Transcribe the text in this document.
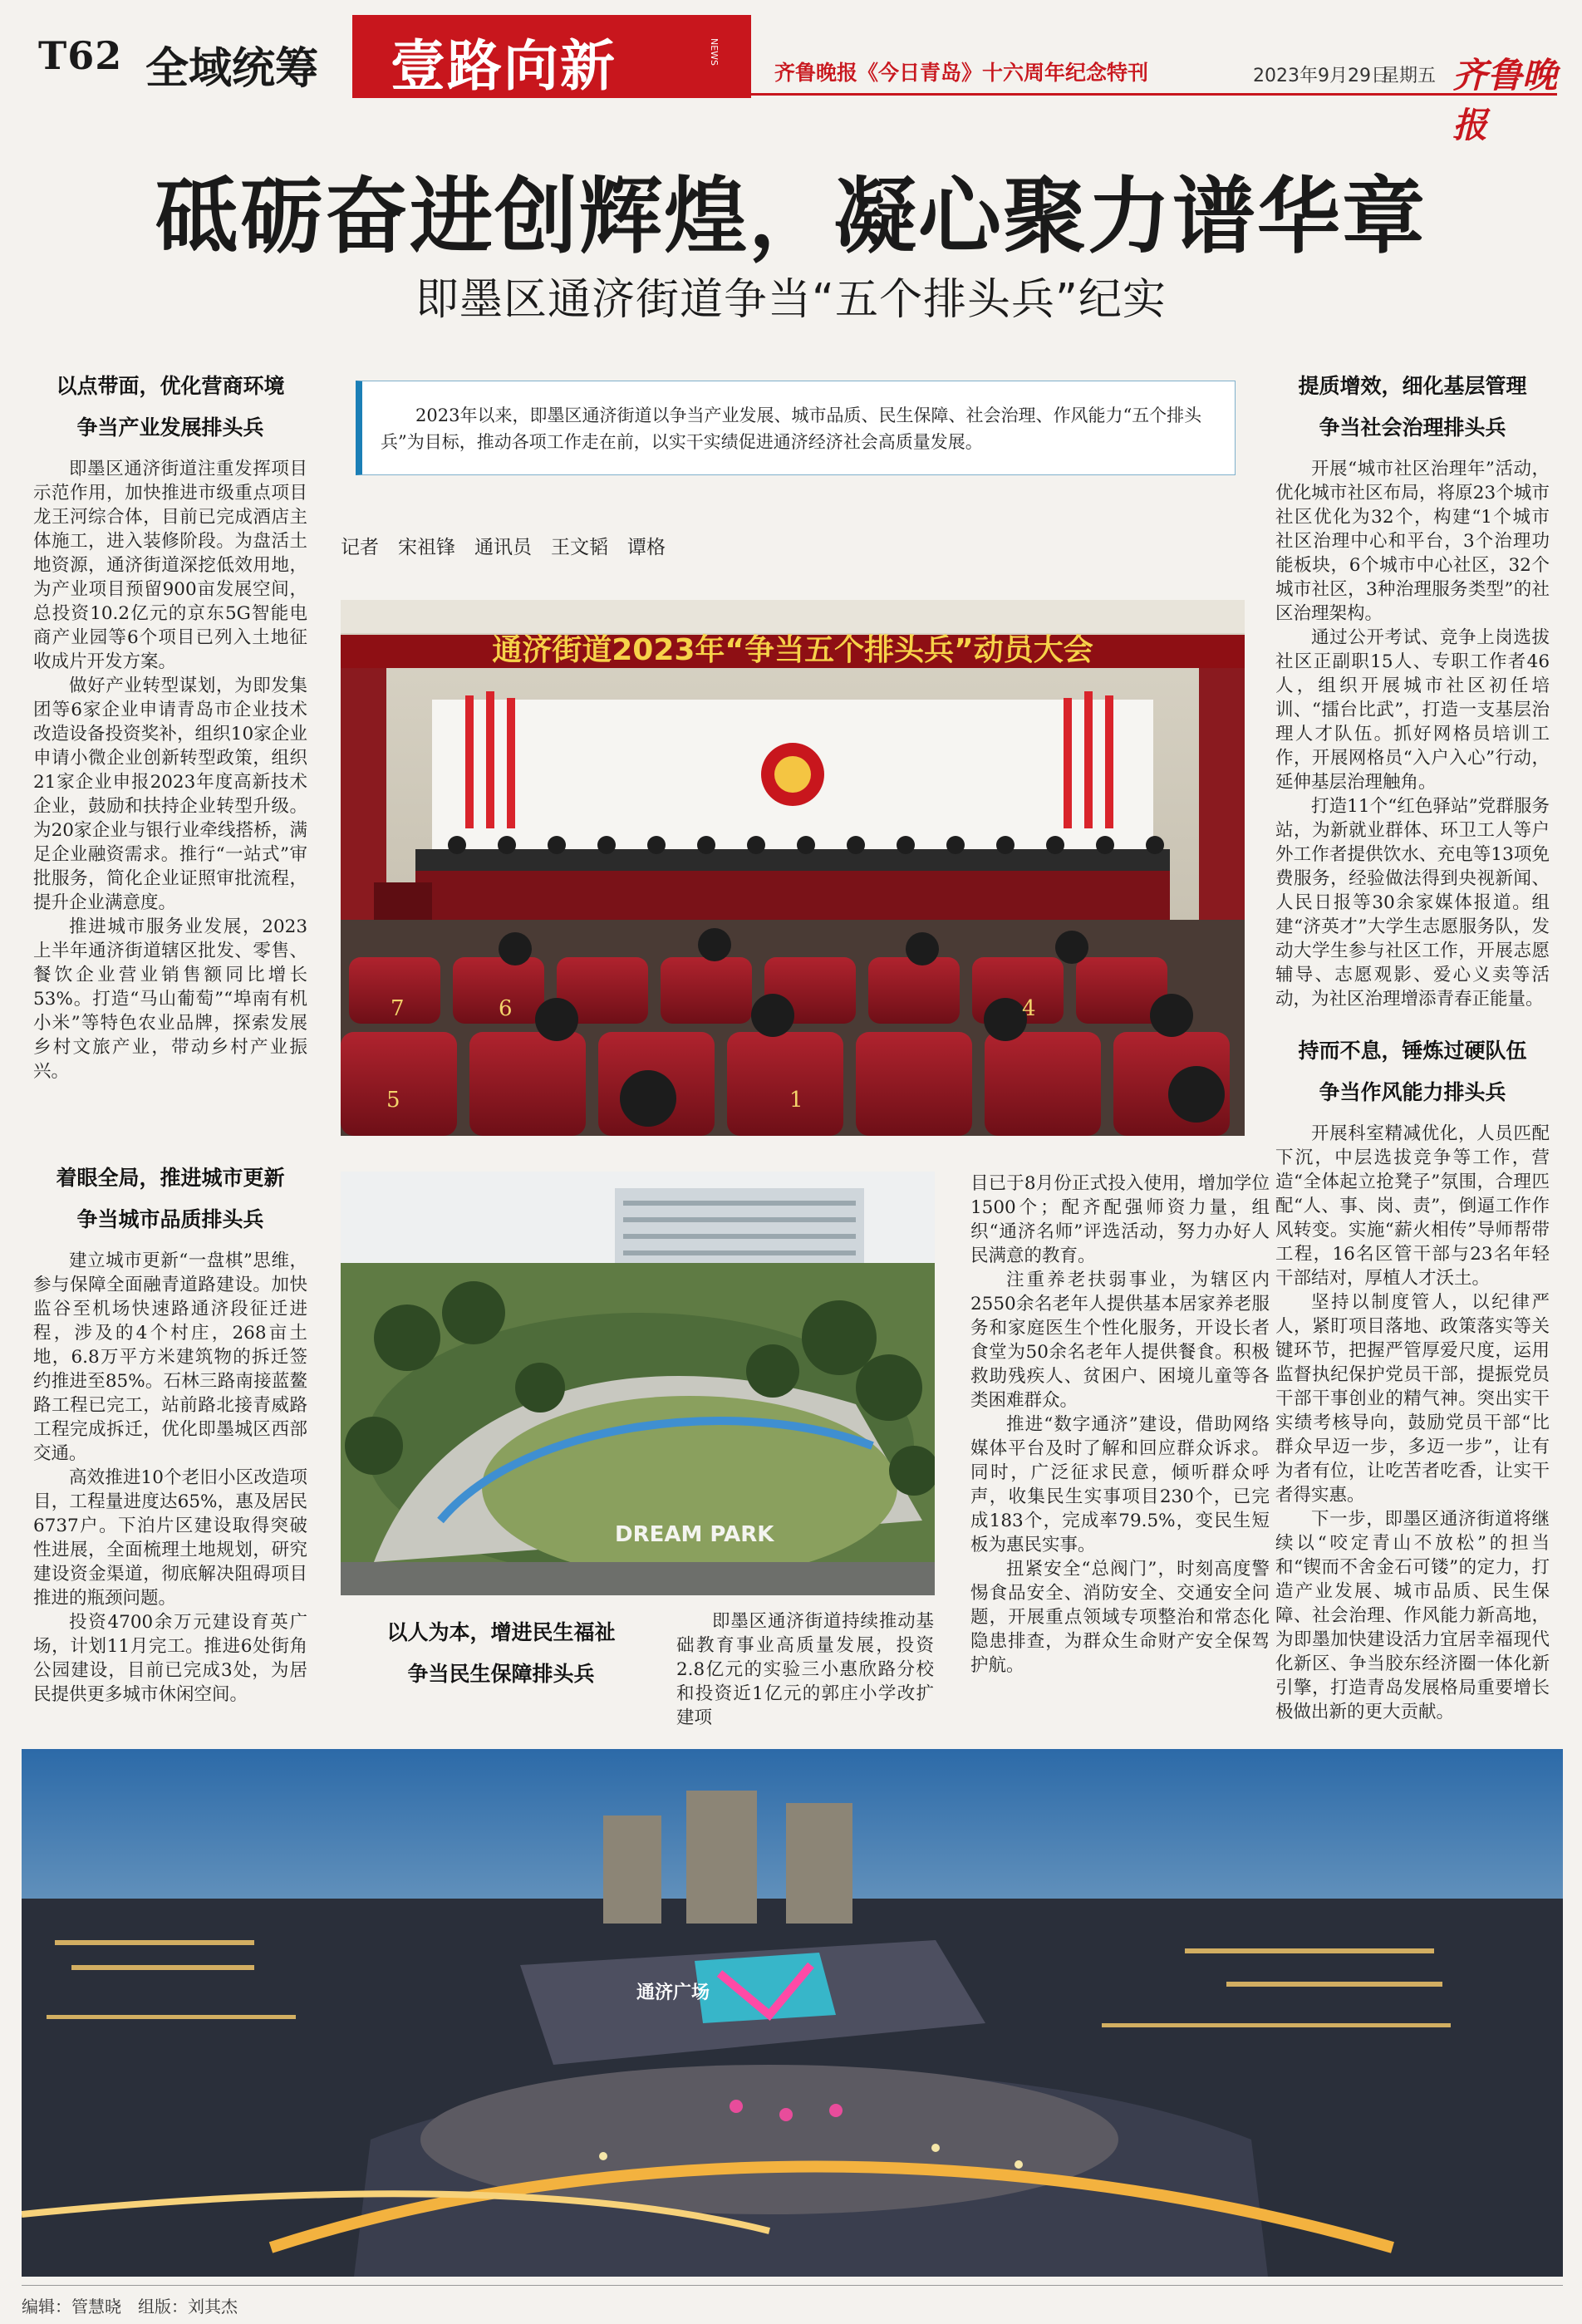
T62 全域统筹 壹路向新	NEWS
齐鲁晚报《今日青岛》十六周年纪念特刊	2023年9月29日
星期五 齐鲁晚报
砥砺奋进创辉煌，凝心聚力谱华章
即墨区通济街道争当“五个排头兵”纪实
以点带面，优化营商环境
争当产业发展排头兵

即墨区通济街道注重发挥项目示范作用，加快推进市级重点项目龙王河综合体，目前已完成酒店主体施工，进入装修阶段。为盘活土地资源，通济街道深挖低效用地，为产业项目预留900亩发展空间，总投资10.2亿元的京东5G智能电商产业园等6个项目已列入土地征收成片开发方案。

做好产业转型谋划，为即发集团等6家企业申请青岛市企业技术改造设备投资奖补，组织10家企业申请小微企业创新转型政策，组织21家企业申报2023年度高新技术企业，鼓励和扶持企业转型升级。为20家企业与银行业牵线搭桥，满足企业融资需求。推行“一站式”审批服务，简化企业证照审批流程，提升企业满意度。

推进城市服务业发展，2023上半年通济街道辖区批发、零售、餐饮企业营业销售额同比增长53%。打造“马山葡萄”“埠南有机小米”等特色农业品牌，探索发展乡村文旅产业，带动乡村产业振兴。

着眼全局，推进城市更新
争当城市品质排头兵

建立城市更新“一盘棋”思维，参与保障全面融青道路建设。加快监谷至机场快速路通济段征迁进程，涉及的4个村庄，268亩土地，6.8万平方米建筑物的拆迁签约推进至85%。石林三路南接蓝鳌路工程已完工，站前路北接青威路工程完成拆迁，优化即墨城区西部交通。

高效推进10个老旧小区改造项目，工程量进度达65%，惠及居民6737户。下泊片区建设取得突破性进展，全面梳理土地规划，研究建设资金渠道，彻底解决阻碍项目推进的瓶颈问题。

投资4700余万元建设育英广场，计划11月完工。推进6处街角公园建设，目前已完成3处，为居民提供更多城市休闲空间。

2023年以来，即墨区通济街道以争当产业发展、城市品质、民生保障、社会治理、作风能力“五个排头兵”为目标，推动各项工作走在前，以实干实绩促进通济经济社会高质量发展。
记者　宋祖锋　通讯员　王文韬　谭格
通济街道2023年“争当五个排头兵”动员大会
7	6
5	1
4
DREAM PARK
以人为本，增进民生福祉
争当民生保障排头兵

即墨区通济街道持续推动基础教育事业高质量发展，投资2.8亿元的实验三小惠欣路分校和投资近1亿元的郭庄小学改扩建项

目已于8月份正式投入使用，增加学位1500个；配齐配强师资力量，组织“通济名师”评选活动，努力办好人民满意的教育。

注重养老扶弱事业，为辖区内2550余名老年人提供基本居家养老服务和家庭医生个性化服务，开设长者食堂为50余名老年人提供餐食。积极救助残疾人、贫困户、困境儿童等各类困难群众。

推进“数字通济”建设，借助网络媒体平台及时了解和回应群众诉求。同时，广泛征求民意，倾听群众呼声，收集民生实事项目230个，已完成183个，完成率79.5%，变民生短板为惠民实事。

扭紧安全“总阀门”，时刻高度警惕食品安全、消防安全、交通安全问题，开展重点领域专项整治和常态化隐患排查，为群众生命财产安全保驾护航。

提质增效，细化基层管理
争当社会治理排头兵

开展“城市社区治理年”活动，优化城市社区布局，将原23个城市社区优化为32个，构建“1个城市社区治理中心和平台，3个治理功能板块，6个城市中心社区，32个城市社区，3种治理服务类型”的社区治理架构。

通过公开考试、竞争上岗选拔社区正副职15人、专职工作者46人，组织开展城市社区初任培训、“擂台比武”，打造一支基层治理人才队伍。抓好网格员培训工作，开展网格员“入户入心”行动，延伸基层治理触角。

打造11个“红色驿站”党群服务站，为新就业群体、环卫工人等户外工作者提供饮水、充电等13项免费服务，经验做法得到央视新闻、人民日报等30余家媒体报道。组建“济英才”大学生志愿服务队，发动大学生参与社区工作，开展志愿辅导、志愿观影、爱心义卖等活动，为社区治理增添青春正能量。

持而不息，锤炼过硬队伍
争当作风能力排头兵

开展科室精减优化，人员匹配下沉，中层选拔竞争等工作，营造“全体起立抢凳子”氛围，合理匹配“人、事、岗、责”，倒逼工作作风转变。实施“薪火相传”导师帮带工程，16名区管干部与23名年轻干部结对，厚植人才沃土。

坚持以制度管人，以纪律严人，紧盯项目落地、政策落实等关键环节，把握严管厚爱尺度，运用监督执纪保护党员干部，提振党员干部干事创业的精气神。突出实干实绩考核导向，鼓励党员干部“比群众早迈一步，多迈一步”，让有为者有位，让吃苦者吃香，让实干者得实惠。

下一步，即墨区通济街道将继续以“咬定青山不放松”的担当和“锲而不舍金石可镂”的定力，打造产业发展、城市品质、民生保障、社会治理、作风能力新高地，为即墨加快建设活力宜居幸福现代化新区、争当胶东经济圈一体化新引擎，打造青岛发展格局重要增长极做出新的更大贡献。

通济广场
编辑：管慧晓　组版：刘其杰
